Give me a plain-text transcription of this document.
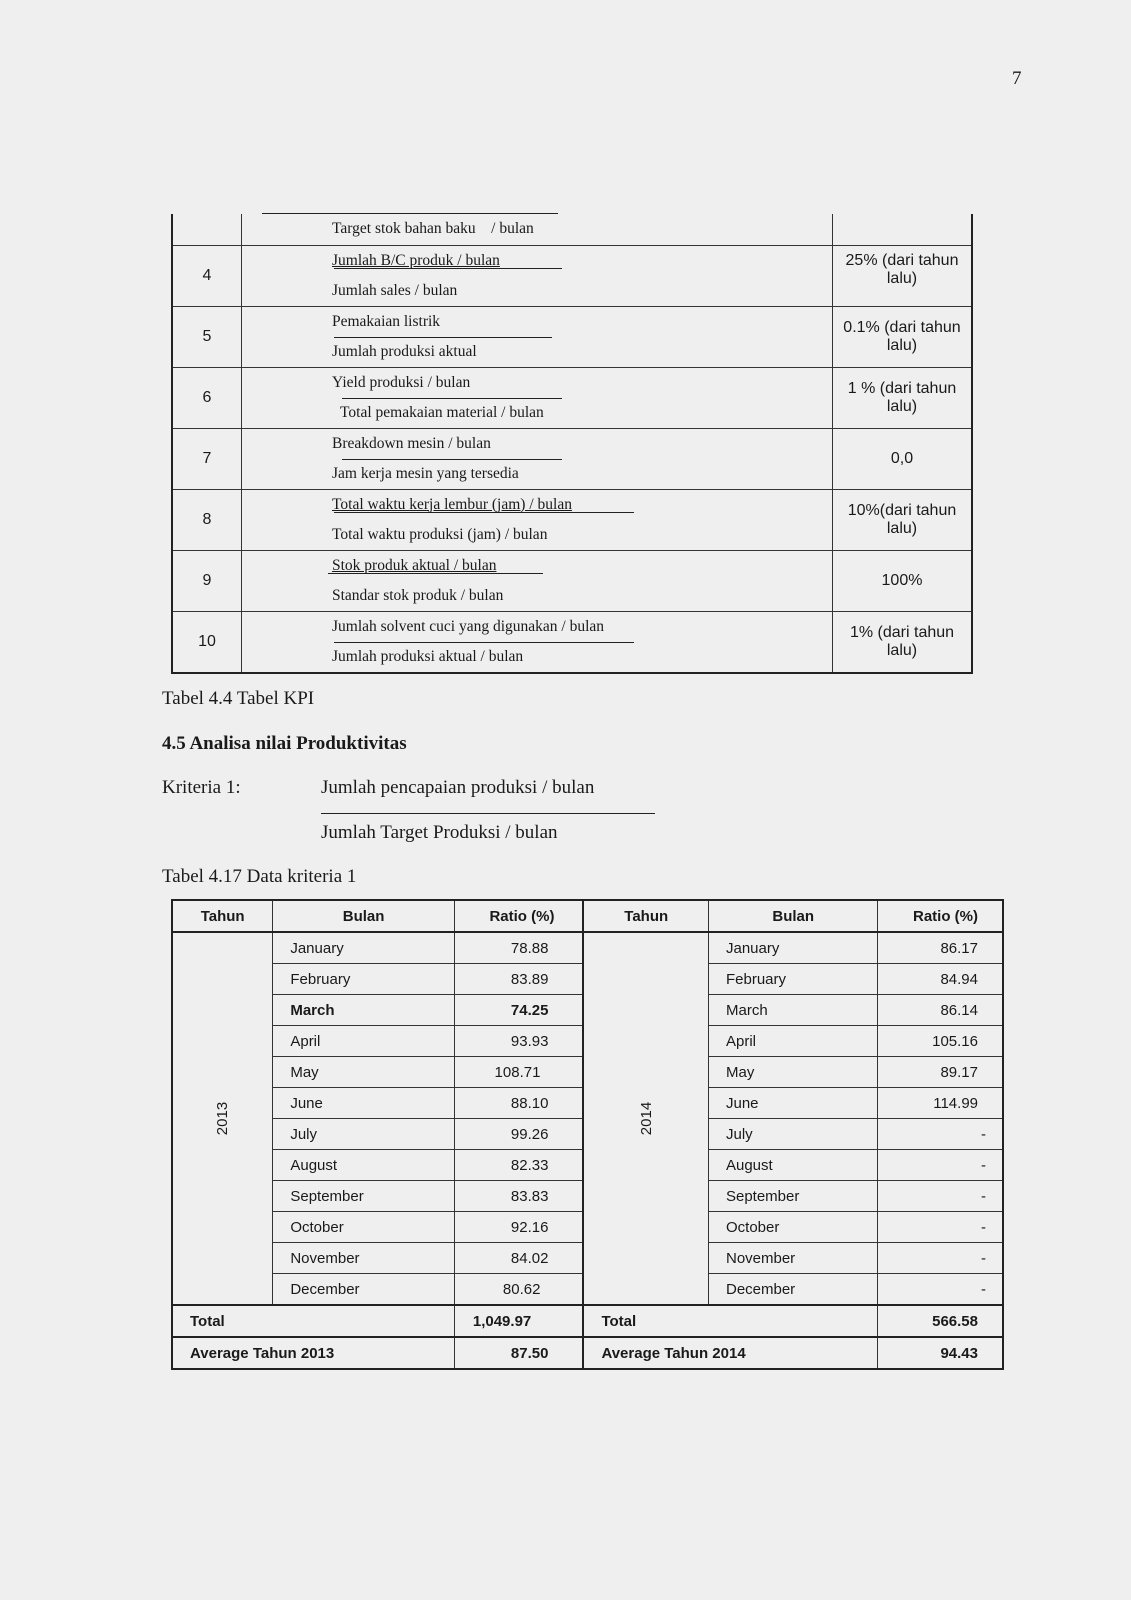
7

	Target stok bahan baku    / bulan	

4	Jumlah B/C produk / bulan
Jumlah sales / bulan	25% (dari tahun lalu)
5	Pemakaian listrik
Jumlah produksi aktual	0.1% (dari tahun lalu)
6	Yield produksi / bulan
Total pemakaian material / bulan	1 % (dari tahun lalu)
7	Breakdown mesin / bulan
Jam kerja mesin yang tersedia	0,0
8	Total waktu kerja lembur (jam) / bulan
Total waktu produksi (jam) / bulan	10%(dari tahun lalu)
9	Stok produk aktual / bulan
Standar stok produk / bulan	100%
10	Jumlah solvent cuci yang digunakan / bulan
Jumlah produksi aktual / bulan	1% (dari tahun lalu)
Tabel 4.4 Tabel KPI
4.5 Analisa nilai Produktivitas
Kriteria 1:	Jumlah pencapaian produksi / bulan
Jumlah Target Produksi / bulan
Tabel 4.17 Data kriteria 1
Tahun	Bulan	Ratio (%)	Tahun	Bulan	Ratio (%)
2013	January	78.88	2014	January	86.17
	February	83.89		February	84.94
	March	74.25		March	86.14
	April	93.93		April	105.16
	May	108.71		May	89.17
	June	88.10		June	114.99
	July	99.26		July	-
	August	82.33		August	-
	September	83.83		September	-
	October	92.16		October	-
	November	84.02		November	-
	December	80.62		December	-
Total		1,049.97	Total		566.58
Average Tahun 2013		87.50	Average Tahun 2014		94.43
